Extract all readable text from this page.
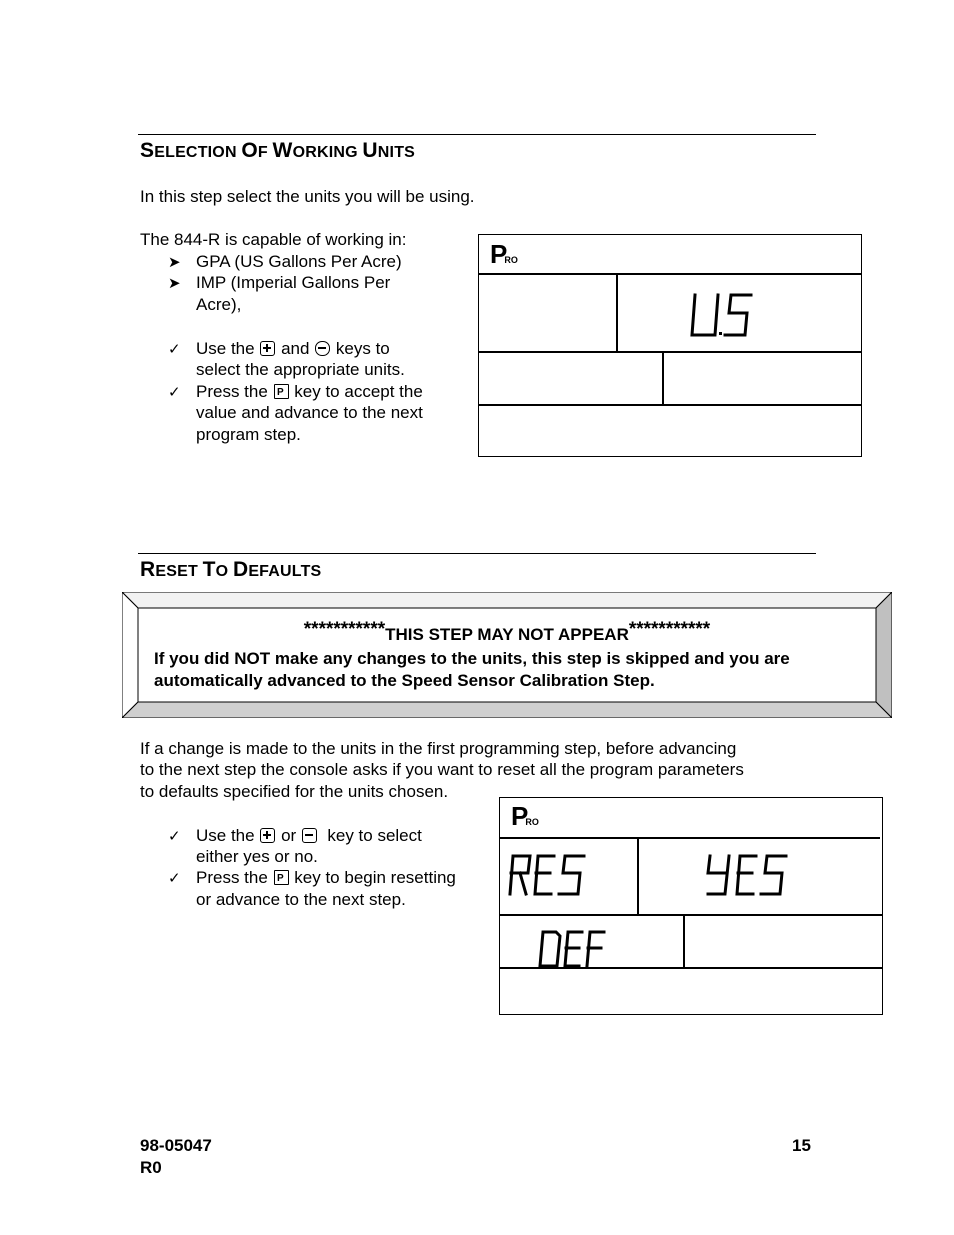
SELECTION OF WORKING UNITS
In this step select the units you will be using.
The 844-R is capable of working in:
➤ GPA (US Gallons Per Acre)
➤ IMP (Imperial Gallons Per
Acre),
✓ Use the and keys to
select the appropriate units.
✓ Press the P key to accept the
value and advance to the next
program step.
PRO
RESET TO DEFAULTS
***********THIS STEP MAY NOT APPEAR***********
If you did NOT make any changes to the units, this step is skipped and you are
automatically advanced to the Speed Sensor Calibration Step.
If a change is made to the units in the first programming step, before advancing
to the next step the console asks if you want to reset all the program parameters
to defaults specified for the units chosen.
✓ Use the or key to select
either yes or no.
✓ Press the P key to begin resetting
or advance to the next step.
PRO
98-05047
R0
15
